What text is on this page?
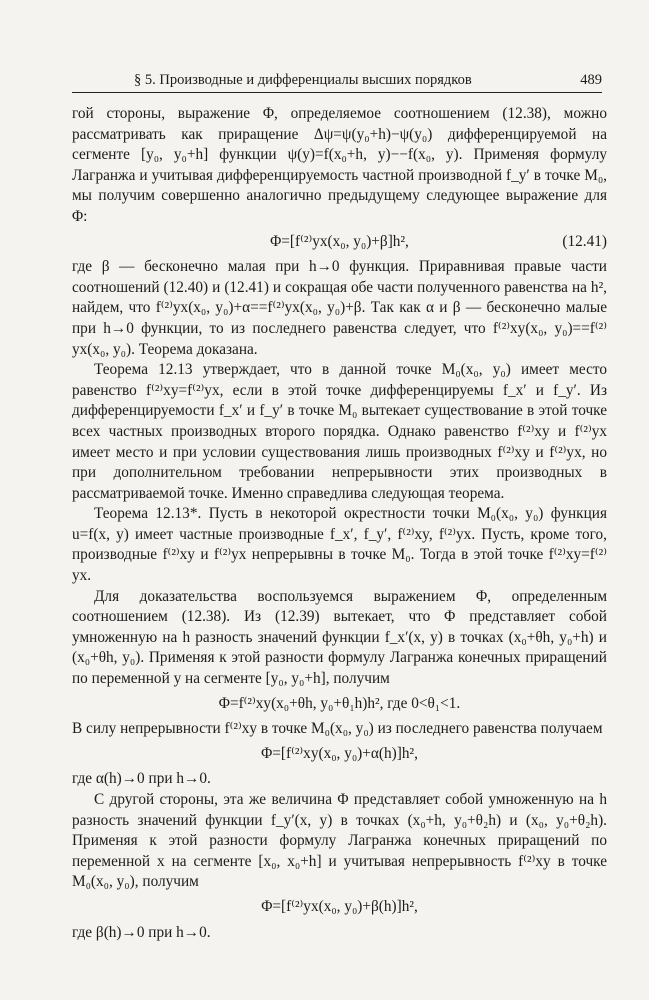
§ 5. Производные и дифференциалы высших порядков	489

гой стороны, выражение Φ, определяемое соотношением (12.38), можно рассматривать как приращение Δψ=ψ(y₀+h)−ψ(y₀) дифференцируемой на сегменте [y₀, y₀+h] функции ψ(y)=f(x₀+h, y)−−f(x₀, y). Применяя формулу Лагранжа и учитывая дифференцируемость частной производной f_y′ в точке M₀, мы получим совершенно аналогично предыдущему следующее выражение для Φ:

Φ=[f⁽²⁾yx(x₀, y₀)+β]h²,	(12.41)

где β — бесконечно малая при h→0 функция. Приравнивая правые части соотношений (12.40) и (12.41) и сокращая обе части полученного равенства на h², найдем, что f⁽²⁾yx(x₀, y₀)+α==f⁽²⁾yx(x₀, y₀)+β. Так как α и β — бесконечно малые при h→0 функции, то из последнего равенства следует, что f⁽²⁾xy(x₀, y₀)==f⁽²⁾yx(x₀, y₀). Теорема доказана.

Теорема 12.13 утверждает, что в данной точке M₀(x₀, y₀) имеет место равенство f⁽²⁾xy=f⁽²⁾yx, если в этой точке дифференцируемы f_x′ и f_y′. Из дифференцируемости f_x′ и f_y′ в точке M₀ вытекает существование в этой точке всех частных производных второго порядка. Однако равенство f⁽²⁾xy и f⁽²⁾yx имеет место и при условии существования лишь производных f⁽²⁾xy и f⁽²⁾yx, но при дополнительном требовании непрерывности этих производных в рассматриваемой точке. Именно справедлива следующая теорема.

Теорема 12.13*. Пусть в некоторой окрестности точки M₀(x₀, y₀) функция u=f(x, y) имеет частные производные f_x′, f_y′, f⁽²⁾xy, f⁽²⁾yx. Пусть, кроме того, производные f⁽²⁾xy и f⁽²⁾yx непрерывны в точке M₀. Тогда в этой точке f⁽²⁾xy=f⁽²⁾yx.

Для доказательства воспользуемся выражением Φ, определенным соотношением (12.38). Из (12.39) вытекает, что Φ представляет собой умноженную на h разность значений функции f_x′(x, y) в точках (x₀+θh, y₀+h) и (x₀+θh, y₀). Применяя к этой разности формулу Лагранжа конечных приращений по переменной y на сегменте [y₀, y₀+h], получим

Φ=f⁽²⁾xy(x₀+θh, y₀+θ₁h)h², где 0<θ₁<1.

В силу непрерывности f⁽²⁾xy в точке M₀(x₀, y₀) из последнего равенства получаем

Φ=[f⁽²⁾xy(x₀, y₀)+α(h)]h²,

где α(h)→0 при h→0.

С другой стороны, эта же величина Φ представляет собой умноженную на h разность значений функции f_y′(x, y) в точках (x₀+h, y₀+θ₂h) и (x₀, y₀+θ₂h). Применяя к этой разности формулу Лагранжа конечных приращений по переменной x на сегменте [x₀, x₀+h] и учитывая непрерывность f⁽²⁾xy в точке M₀(x₀, y₀), получим

Φ=[f⁽²⁾yx(x₀, y₀)+β(h)]h²,

где β(h)→0 при h→0.
